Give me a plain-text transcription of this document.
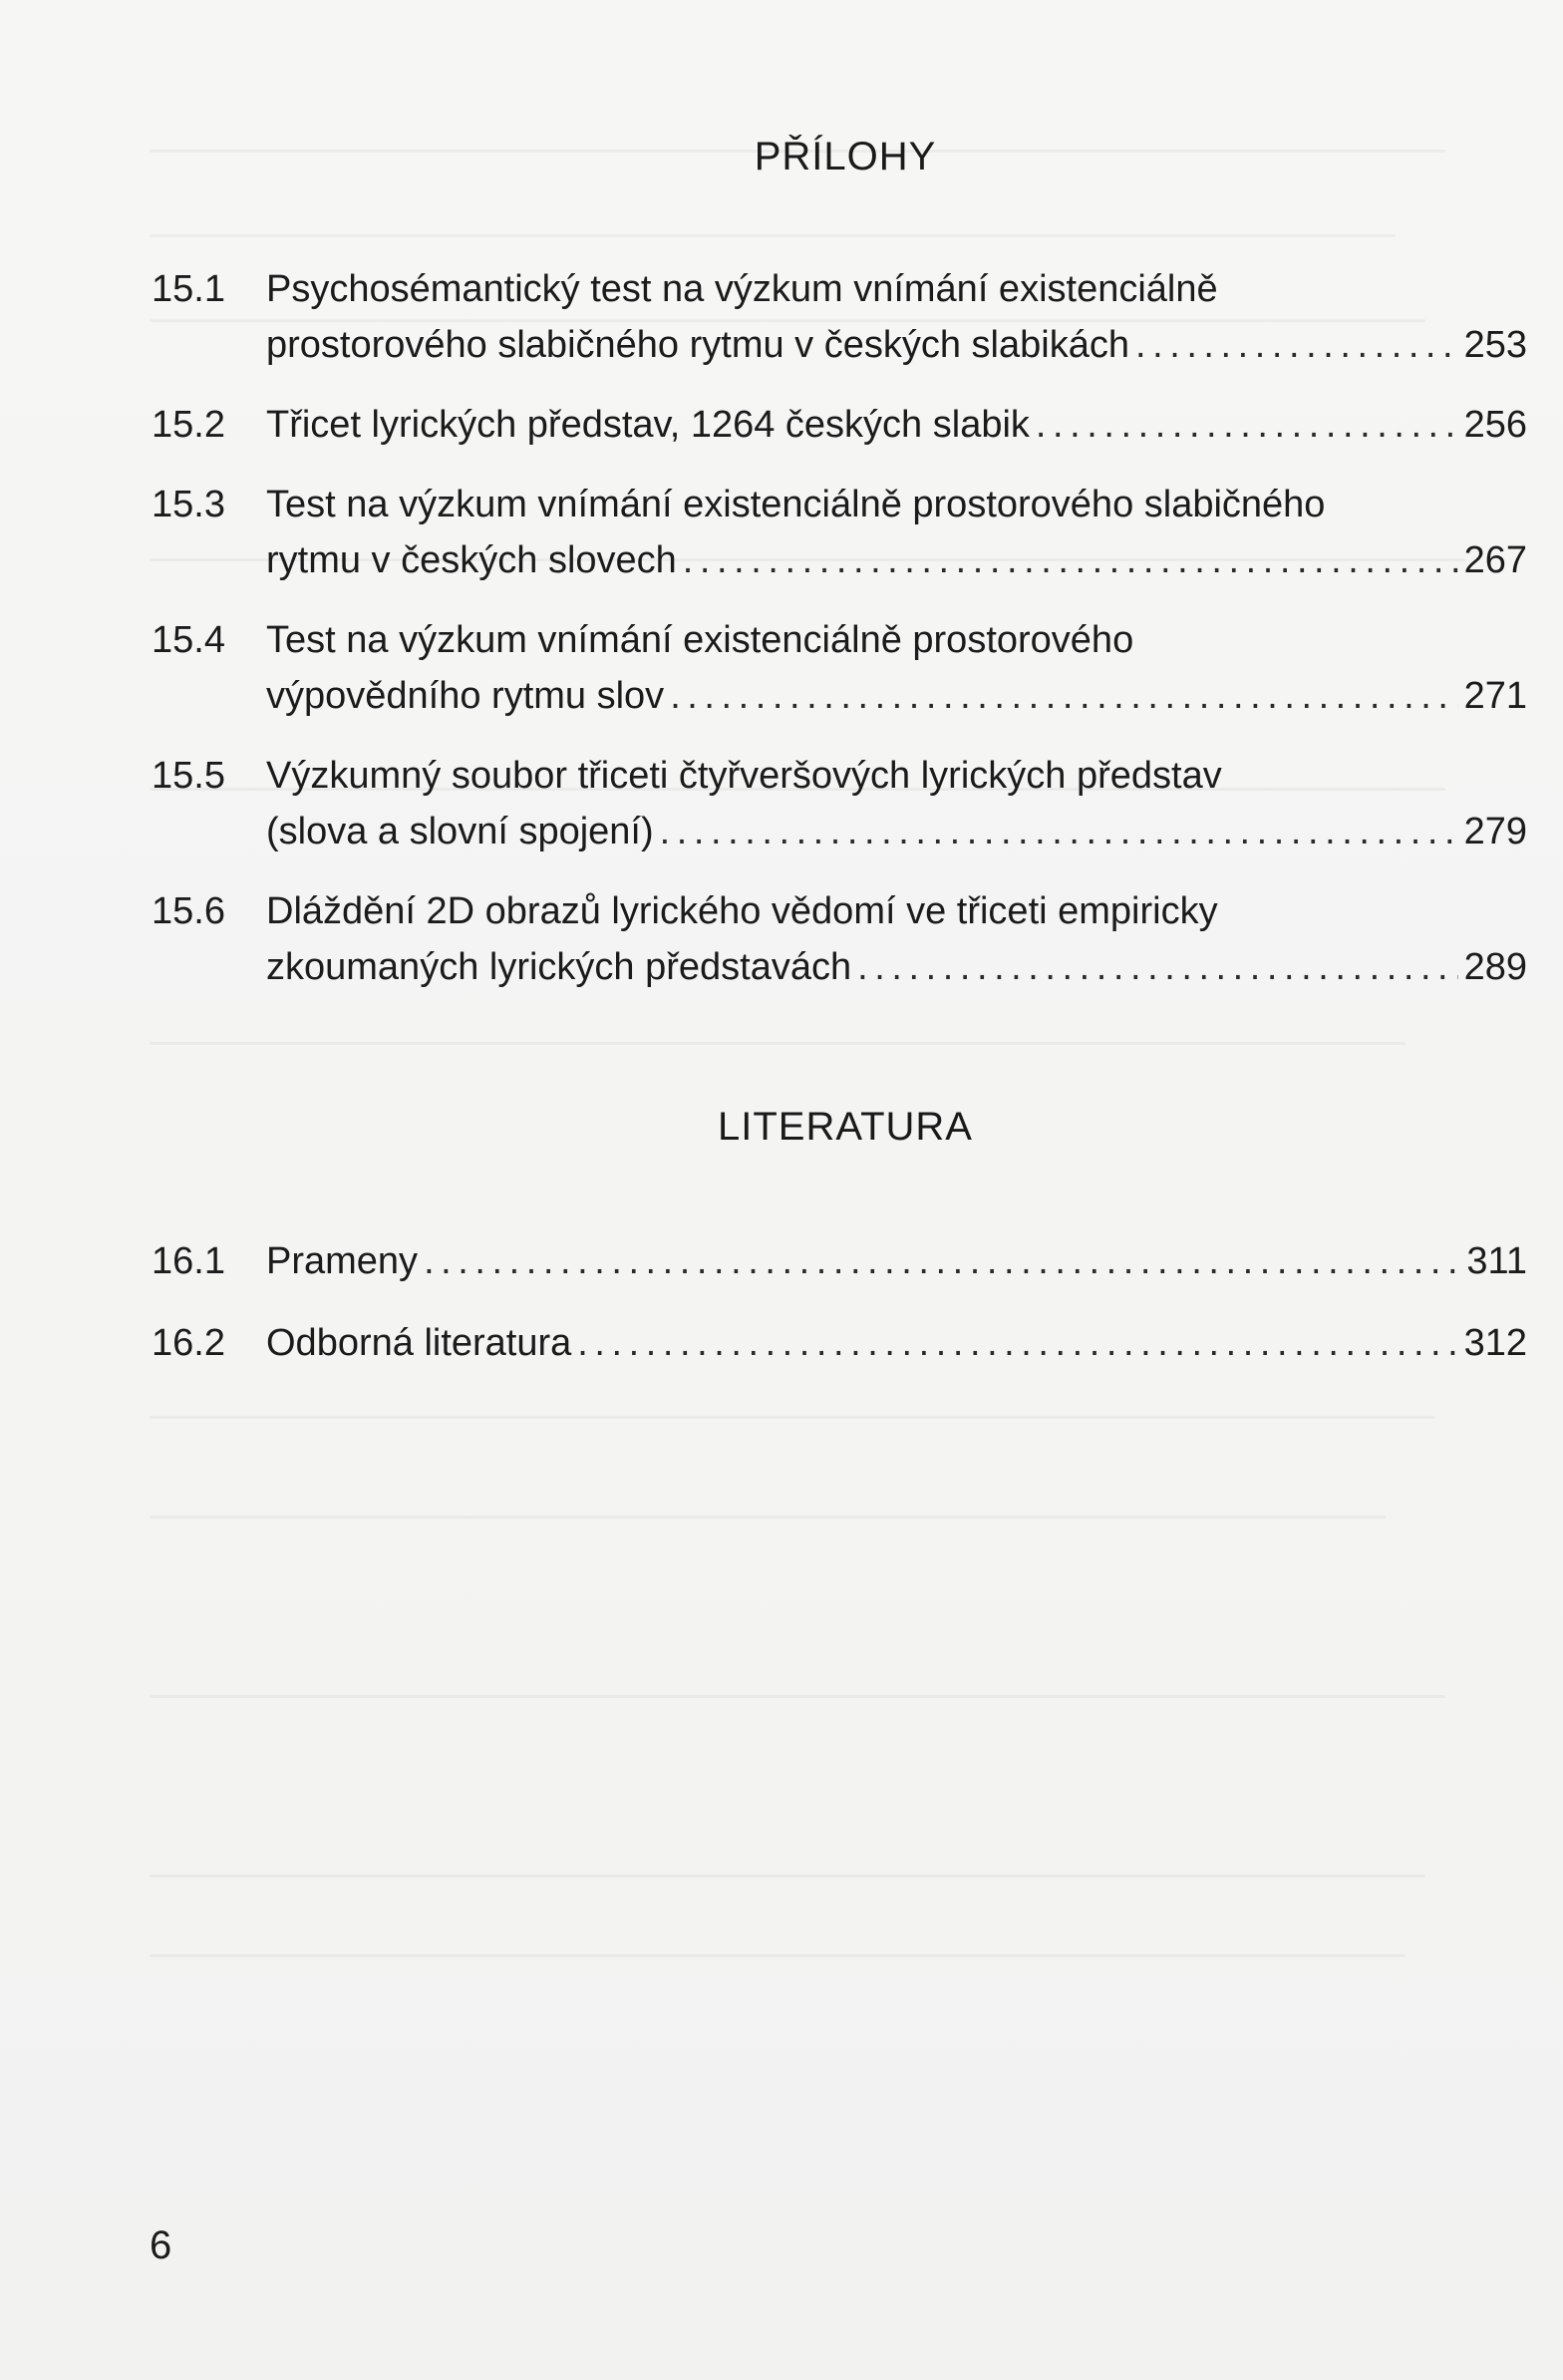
PŘÍLOHY
15.1 Psychosémantický test na výzkum vnímání existenciálně
prostorového slabičného rytmu v českých slabikách . . .	253
15.2 Třicet lyrických představ, 1264 českých slabik . . .	256
15.3 Test na výzkum vnímání existenciálně prostorového slabičného
rytmu v českých slovech . . .	267
15.4 Test na výzkum vnímání existenciálně prostorového
výpovědního rytmu slov . . .	271
15.5 Výzkumný soubor třiceti čtyřveršových lyrických představ
(slova a slovní spojení) . . .	279
15.6 Dláždění 2D obrazů lyrického vědomí ve třiceti empiricky
zkoumaných lyrických představách . . .	289
LITERATURA
16.1 Prameny . . .	311
16.2 Odborná literatura . . .	312
6
